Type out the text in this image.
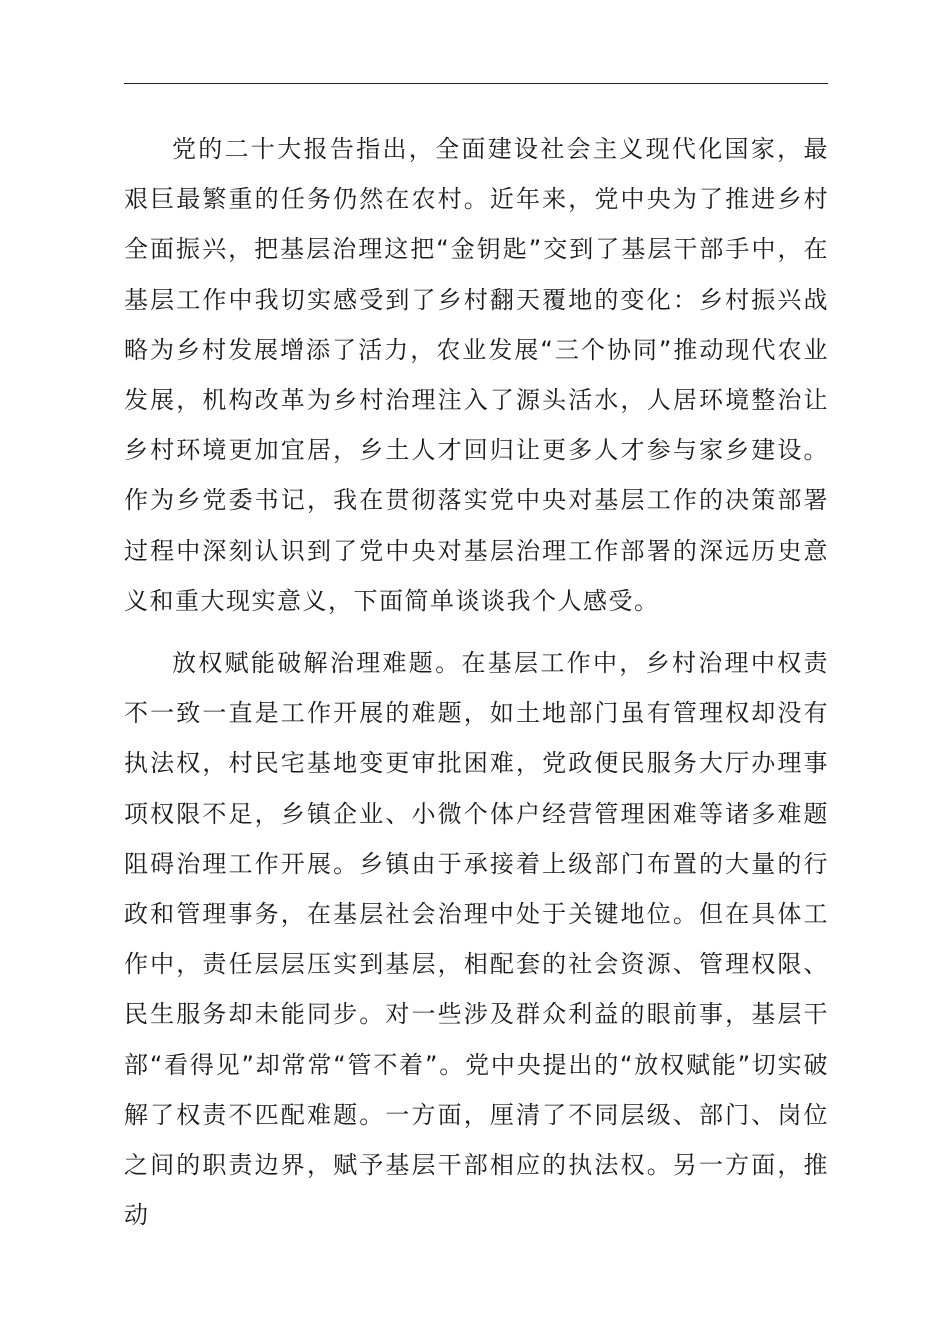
党的二十大报告指出，全面建设社会主义现代化国家，最艰巨最繁重的任务仍然在农村。近年来，党中央为了推进乡村全面振兴，把基层治理这把“金钥匙”交到了基层干部手中，在基层工作中我切实感受到了乡村翻天覆地的变化：乡村振兴战略为乡村发展增添了活力，农业发展“三个协同”推动现代农业发展，机构改革为乡村治理注入了源头活水，人居环境整治让乡村环境更加宜居，乡土人才回归让更多人才参与家乡建设。作为乡党委书记，我在贯彻落实党中央对基层工作的决策部署过程中深刻认识到了党中央对基层治理工作部署的深远历史意义和重大现实意义，下面简单谈谈我个人感受。

放权赋能破解治理难题。在基层工作中，乡村治理中权责不一致一直是工作开展的难题，如土地部门虽有管理权却没有执法权，村民宅基地变更审批困难，党政便民服务大厅办理事项权限不足，乡镇企业、小微个体户经营管理困难等诸多难题阻碍治理工作开展。乡镇由于承接着上级部门布置的大量的行政和管理事务，在基层社会治理中处于关键地位。但在具体工作中，责任层层压实到基层，相配套的社会资源、管理权限、民生服务却未能同步。对一些涉及群众利益的眼前事，基层干部“看得见”却常常“管不着”。党中央提出的“放权赋能”切实破解了权责不匹配难题。一方面，厘清了不同层级、部门、岗位之间的职责边界，赋予基层干部相应的执法权。另一方面，推动
